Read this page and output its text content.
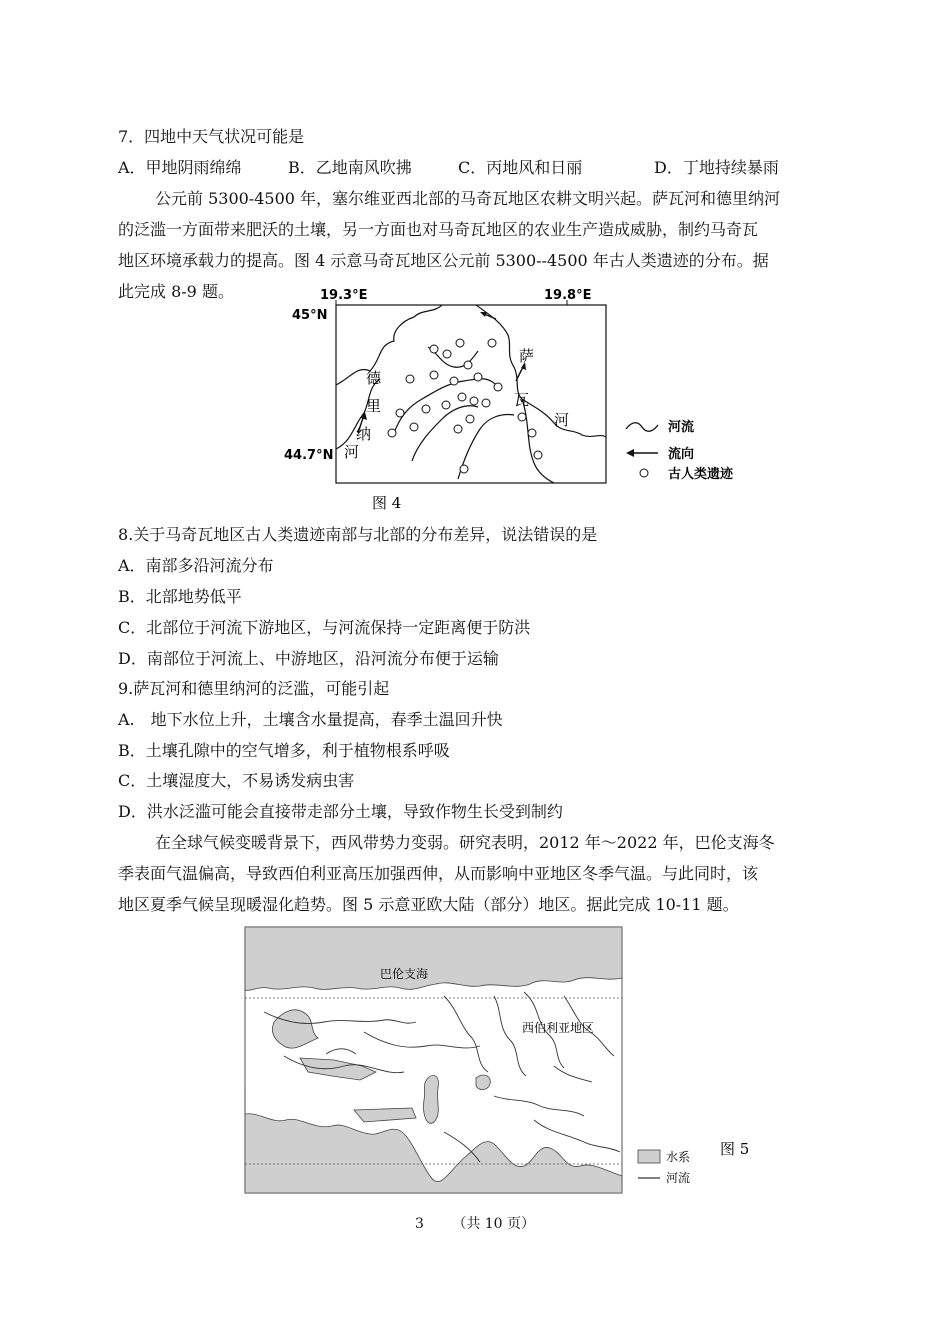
7．四地中天气状况可能是
A．甲地阴雨绵绵	B．乙地南风吹拂	C．丙地风和日丽	D．丁地持续暴雨
公元前 5300-4500 年，塞尔维亚西北部的马奇瓦地区农耕文明兴起。萨瓦河和德里纳河
的泛滥一方面带来肥沃的土壤，另一方面也对马奇瓦地区的农业生产造成威胁，制约马奇瓦
地区环境承载力的提高。图 4 示意马奇瓦地区公元前 5300--4500 年古人类遗迹的分布。据
此完成 8-9 题。	19.3°E	19.8°E
45°N
44.7°N
萨
瓦
河
德
里
纳
河
河流
流向
古人类遗迹
图 4
8.关于马奇瓦地区古人类遗迹南部与北部的分布差异，说法错误的是
A．南部多沿河流分布
B．北部地势低平
C．北部位于河流下游地区，与河流保持一定距离便于防洪
D．南部位于河流上、中游地区，沿河流分布便于运输
9.萨瓦河和德里纳河的泛滥，可能引起
A.　地下水位上升，土壤含水量提高，春季土温回升快
B．土壤孔隙中的空气增多，利于植物根系呼吸
C．土壤湿度大，不易诱发病虫害
D．洪水泛滥可能会直接带走部分土壤，导致作物生长受到制约
在全球气候变暖背景下，西风带势力变弱。研究表明，2012 年～2022 年，巴伦支海冬
季表面气温偏高，导致西伯利亚高压加强西伸，从而影响中亚地区冬季气温。与此同时，该
地区夏季气候呈现暖湿化趋势。图 5 示意亚欧大陆（部分）地区。据此完成 10-11 题。
巴伦支海
西伯利亚地区
水系
河流
图 5
3 （共 10 页）
